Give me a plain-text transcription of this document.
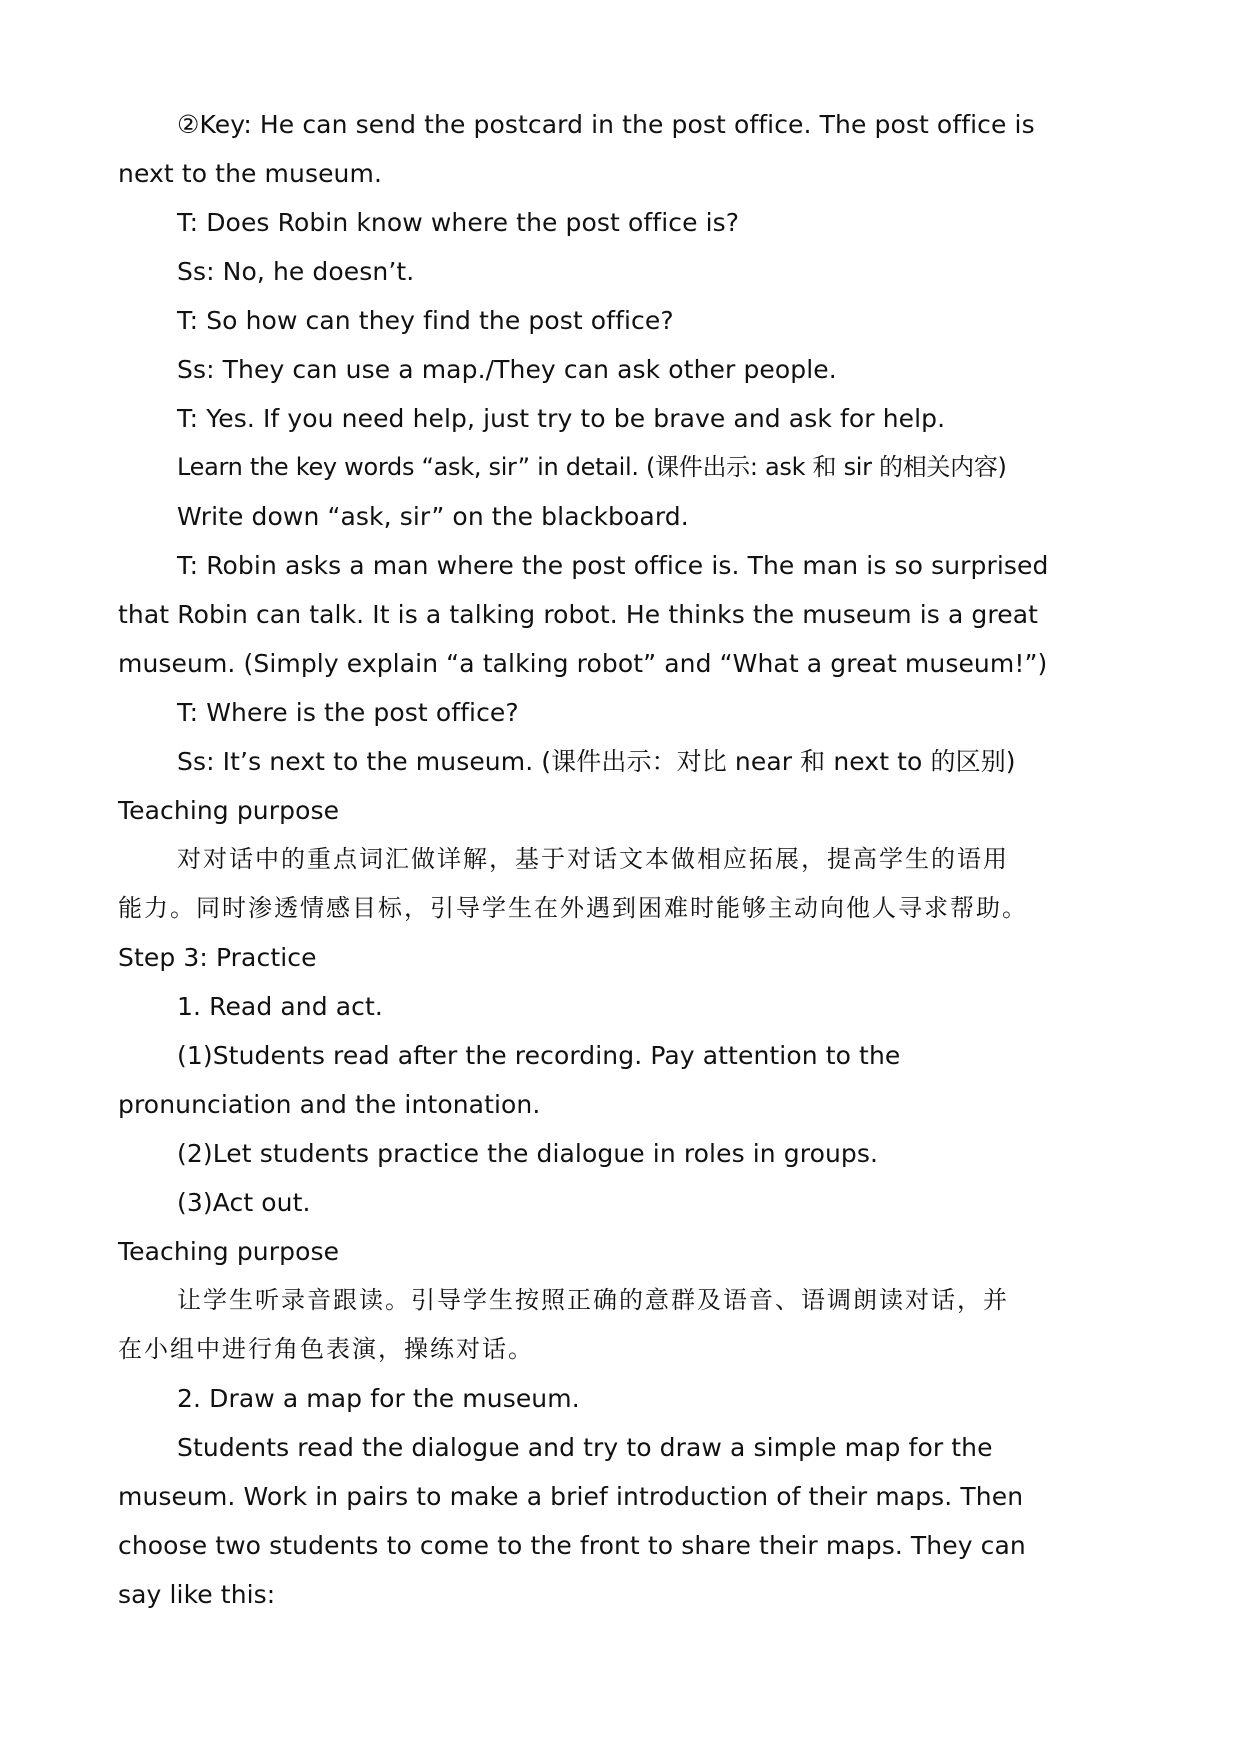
②Key: He can send the postcard in the post office. The post office is
next to the museum.
T: Does Robin know where the post office is?
Ss: No, he doesn’t.
T: So how can they find the post office?
Ss: They can use a map./They can ask other people.
T: Yes. If you need help, just try to be brave and ask for help.
Learn the key words “ask, sir” in detail. (课件出示: ask 和 sir 的相关内容)
Write down “ask, sir” on the blackboard.
T: Robin asks a man where the post office is. The man is so surprised
that Robin can talk. It is a talking robot. He thinks the museum is a great
museum. (Simply explain “a talking robot” and “What a great museum!”)
T: Where is the post office?
Ss: It’s next to the museum. (课件出示：对比 near 和 next to 的区别)
Teaching purpose
对对话中的重点词汇做详解，基于对话文本做相应拓展，提高学生的语用
能力。同时渗透情感目标，引导学生在外遇到困难时能够主动向他人寻求帮助。
Step 3: Practice
1. Read and act.
(1)Students read after the recording. Pay attention to the
pronunciation and the intonation.
(2)Let students practice the dialogue in roles in groups.
(3)Act out.
Teaching purpose
让学生听录音跟读。引导学生按照正确的意群及语音、语调朗读对话，并
在小组中进行角色表演，操练对话。
2. Draw a map for the museum.
Students read the dialogue and try to draw a simple map for the
museum. Work in pairs to make a brief introduction of their maps. Then
choose two students to come to the front to share their maps. They can
say like this:
